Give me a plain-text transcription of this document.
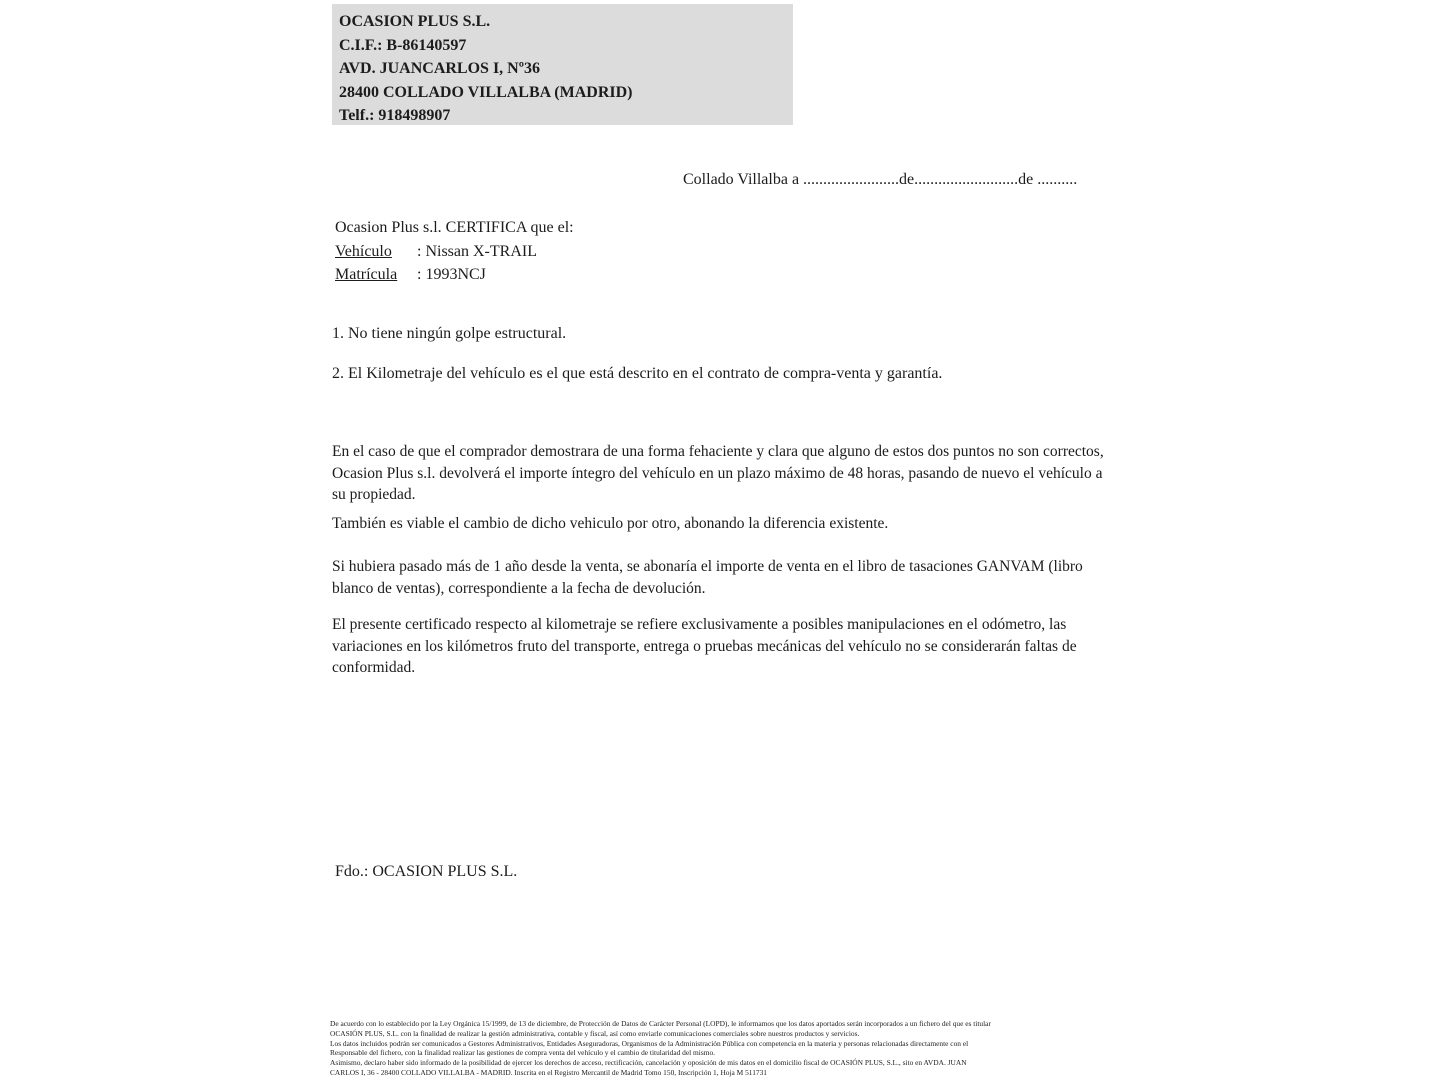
OCASION PLUS S.L.
C.I.F.: B-86140597
AVD. JUANCARLOS I, Nº36
28400 COLLADO VILLALBA (MADRID)
Telf.: 918498907
Collado Villalba a ........................de..........................de ..........
Ocasion Plus s.l. CERTIFICA que el:
Vehículo : Nissan X-TRAIL
Matrícula : 1993NCJ
1. No tiene ningún golpe estructural.
2. El Kilometraje del vehículo es el que está descrito en el contrato de compra-venta y garantía.
En el caso de que el comprador demostrara de una forma fehaciente y clara que alguno de estos dos puntos no son correctos, Ocasion Plus s.l. devolverá el importe íntegro del vehículo en un plazo máximo de 48 horas, pasando de nuevo el vehículo a su propiedad.
También es viable el cambio de dicho vehiculo por otro, abonando la diferencia existente.
Si hubiera pasado más de 1 año desde la venta, se abonaría el importe de venta en el libro de tasaciones GANVAM (libro blanco de ventas), correspondiente a la fecha de devolución.
El presente certificado respecto al kilometraje se refiere exclusivamente a posibles manipulaciones en el odómetro, las variaciones en los kilómetros fruto del transporte, entrega o pruebas mecánicas del vehículo no se considerarán faltas de conformidad.
Fdo.: OCASION PLUS S.L.
De acuerdo con lo establecido por la Ley Orgánica 15/1999, de 13 de diciembre, de Protección de Datos de Carácter Personal (LOPD), le informamos que los datos aportados serán incorporados a un fichero del que es titular
OCASIÓN PLUS, S.L. con la finalidad de realizar la gestión administrativa, contable y fiscal, así como enviarle comunicaciones comerciales sobre nuestros productos y servicios.
Los datos incluidos podrán ser comunicados a Gestores Administrativos, Entidades Aseguradoras, Organismos de la Administración Pública con competencia en la materia y personas relacionadas directamente con el
Responsable del fichero, con la finalidad realizar las gestiones de compra venta del vehículo y el cambio de titularidad del mismo.
Asimismo, declaro haber sido informado de la posibilidad de ejercer los derechos de acceso, rectificación, cancelación y oposición de mis datos en el domicilio fiscal de OCASIÓN PLUS, S.L., sito en AVDA. JUAN
CARLOS I, 36 - 28400 COLLADO VILLALBA - MADRID. Inscrita en el Registro Mercantil de Madrid Tomo 150, Inscripción 1, Hoja M 511731
